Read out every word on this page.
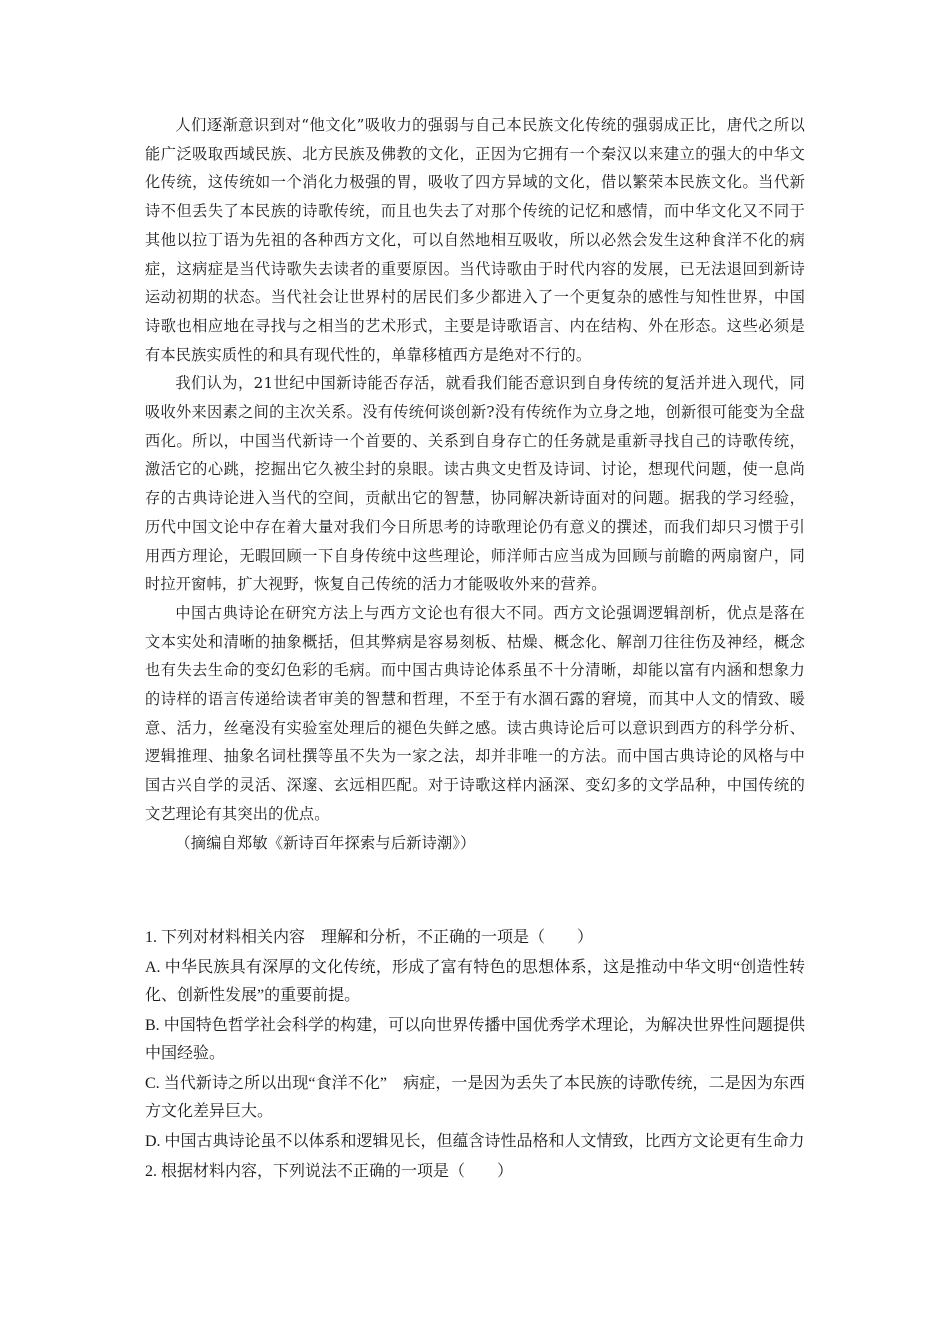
人们逐渐意识到对“他文化”吸收力的强弱与自己本民族文化传统的强弱成正比，唐代之所以能广泛吸取西域民族、北方民族及佛教的文化，正因为它拥有一个秦汉以来建立的强大的中华文化传统，这传统如一个消化力极强的胃，吸收了四方异域的文化，借以繁荣本民族文化。当代新诗不但丢失了本民族的诗歌传统，而且也失去了对那个传统的记忆和感情，而中华文化又不同于其他以拉丁语为先祖的各种西方文化，可以自然地相互吸收，所以必然会发生这种食洋不化的病症，这病症是当代诗歌失去读者的重要原因。当代诗歌由于时代内容的发展，已无法退回到新诗运动初期的状态。当代社会让世界村的居民们多少都进入了一个更复杂的感性与知性世界，中国诗歌也相应地在寻找与之相当的艺术形式，主要是诗歌语言、内在结构、外在形态。这些必须是有本民族实质性的和具有现代性的，单靠移植西方是绝对不行的。

我们认为，21世纪中国新诗能否存活，就看我们能否意识到自身传统的复活并进入现代，同吸收外来因素之间的主次关系。没有传统何谈创新?没有传统作为立身之地，创新很可能变为全盘西化。所以，中国当代新诗一个首要的、关系到自身存亡的任务就是重新寻找自己的诗歌传统，激活它的心跳，挖掘出它久被尘封的泉眼。读古典文史哲及诗词、讨论，想现代问题，使一息尚存的古典诗论进入当代的空间，贡献出它的智慧，协同解决新诗面对的问题。据我的学习经验，历代中国文论中存在着大量对我们今日所思考的诗歌理论仍有意义的撰述，而我们却只习惯于引用西方理论，无暇回顾一下自身传统中这些理论，师洋师古应当成为回顾与前瞻的两扇窗户，同时拉开窗帏，扩大视野，恢复自己传统的活力才能吸收外来的营养。

中国古典诗论在研究方法上与西方文论也有很大不同。西方文论强调逻辑剖析，优点是落在文本实处和清晰的抽象概括，但其弊病是容易刻板、枯燥、概念化、解剖刀往往伤及神经，概念也有失去生命的变幻色彩的毛病。而中国古典诗论体系虽不十分清晰，却能以富有内涵和想象力的诗样的语言传递给读者审美的智慧和哲理，不至于有水涸石露的窘境，而其中人文的情致、暖意、活力，丝毫没有实验室处理后的褪色失鲜之感。读古典诗论后可以意识到西方的科学分析、逻辑推理、抽象名词杜撰等虽不失为一家之法，却并非唯一的方法。而中国古典诗论的风格与中国古兴自学的灵活、深邃、玄远相匹配。对于诗歌这样内涵深、变幻多的文学品种，中国传统的文艺理论有其突出的优点。

（摘编自郑敏《新诗百年探索与后新诗潮》）

1. 下列对材料相关内容　理解和分析，不正确的一项是（　　）

A. 中华民族具有深厚的文化传统，形成了富有特色的思想体系，这是推动中华文明“创造性转化、创新性发展”的重要前提。

B. 中国特色哲学社会科学的构建，可以向世界传播中国优秀学术理论，为解决世界性问题提供中国经验。

C. 当代新诗之所以出现“食洋不化”　病症，一是因为丢失了本民族的诗歌传统，二是因为东西方文化差异巨大。

D. 中国古典诗论虽不以体系和逻辑见长，但蕴含诗性品格和人文情致，比西方文论更有生命力

2. 根据材料内容，下列说法不正确的一项是（　　）
